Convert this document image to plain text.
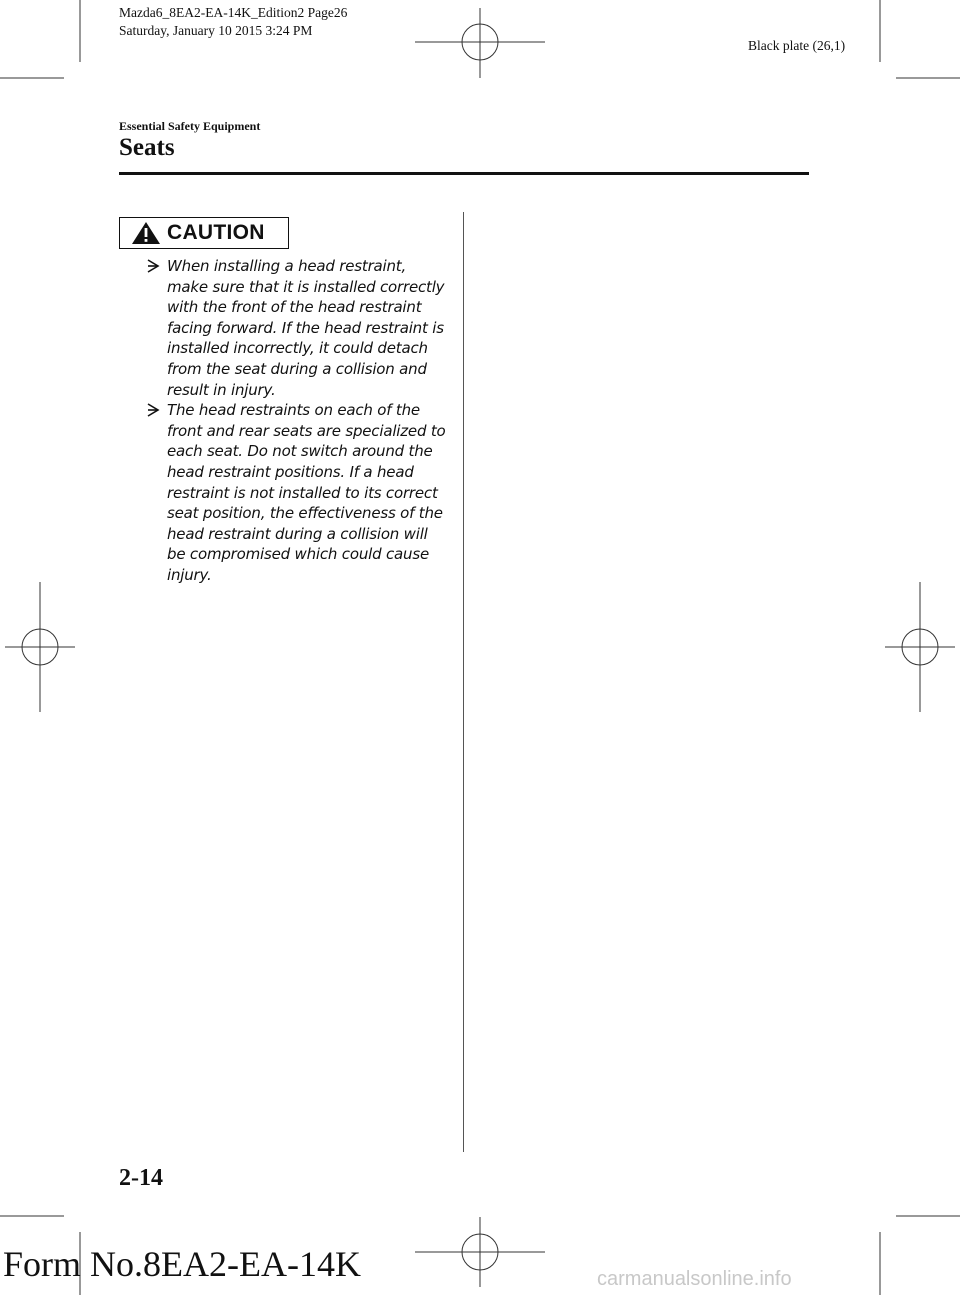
Mazda6_8EA2-EA-14K_Edition2 Page26
Saturday, January 10 2015 3:24 PM
Black plate (26,1)
Essential Safety Equipment
Seats
CAUTION
When installing a head restraint, make sure that it is installed correctly with the front of the head restraint facing forward. If the head restraint is installed incorrectly, it could detach from the seat during a collision and result in injury.
The head restraints on each of the front and rear seats are specialized to each seat. Do not switch around the head restraint positions. If a head restraint is not installed to its correct seat position, the effectiveness of the head restraint during a collision will be compromised which could cause injury.
2-14
Form No.8EA2-EA-14K	carmanualsonline.info
